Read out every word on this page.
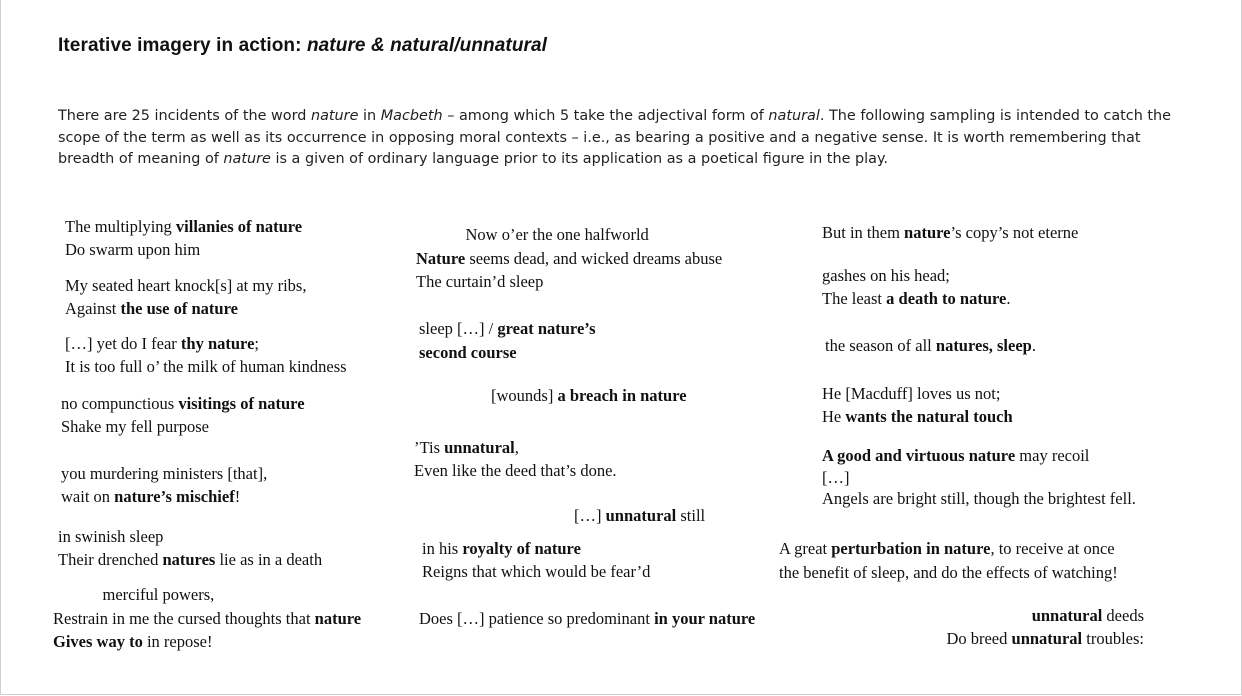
Iterative imagery in action: nature & natural/unnatural
There are 25 incidents of the word nature in Macbeth – among which 5 take the adjectival form of natural. The following sampling is intended to catch the scope of the term as well as its occurrence in opposing moral contexts – i.e., as bearing a positive and a negative sense. It is worth remembering that breadth of meaning of nature is a given of ordinary language prior to its application as a poetical figure in the play.
The multiplying villanies of nature
Do swarm upon him
My seated heart knock[s] at my ribs,
Against the use of nature
[…] yet do I fear thy nature;
It is too full o’ the milk of human kindness
no compunctious visitings of nature
Shake my fell purpose
you murdering ministers [that],
wait on nature’s mischief!
in swinish sleep
Their drenched natures lie as in a death
merciful powers,
Restrain in me the cursed thoughts that nature
Gives way to in repose!
Now o’er the one halfworld
Nature seems dead, and wicked dreams abuse
The curtain’d sleep
sleep […] / great nature’s
second course
[wounds] a breach in nature
’Tis unnatural,
Even like the deed that’s done.
[…] unnatural still
in his royalty of nature
Reigns that which would be fear’d
Does […] patience so predominant in your nature
But in them nature’s copy’s not eterne
gashes on his head;
The least a death to nature.
the season of all natures, sleep.
He [Macduff] loves us not;
He wants the natural touch
A good and virtuous nature may recoil
[…]
Angels are bright still, though the brightest fell.
A great perturbation in nature, to receive at once
the benefit of sleep, and do the effects of watching!
unnatural deeds
Do breed unnatural troubles:
